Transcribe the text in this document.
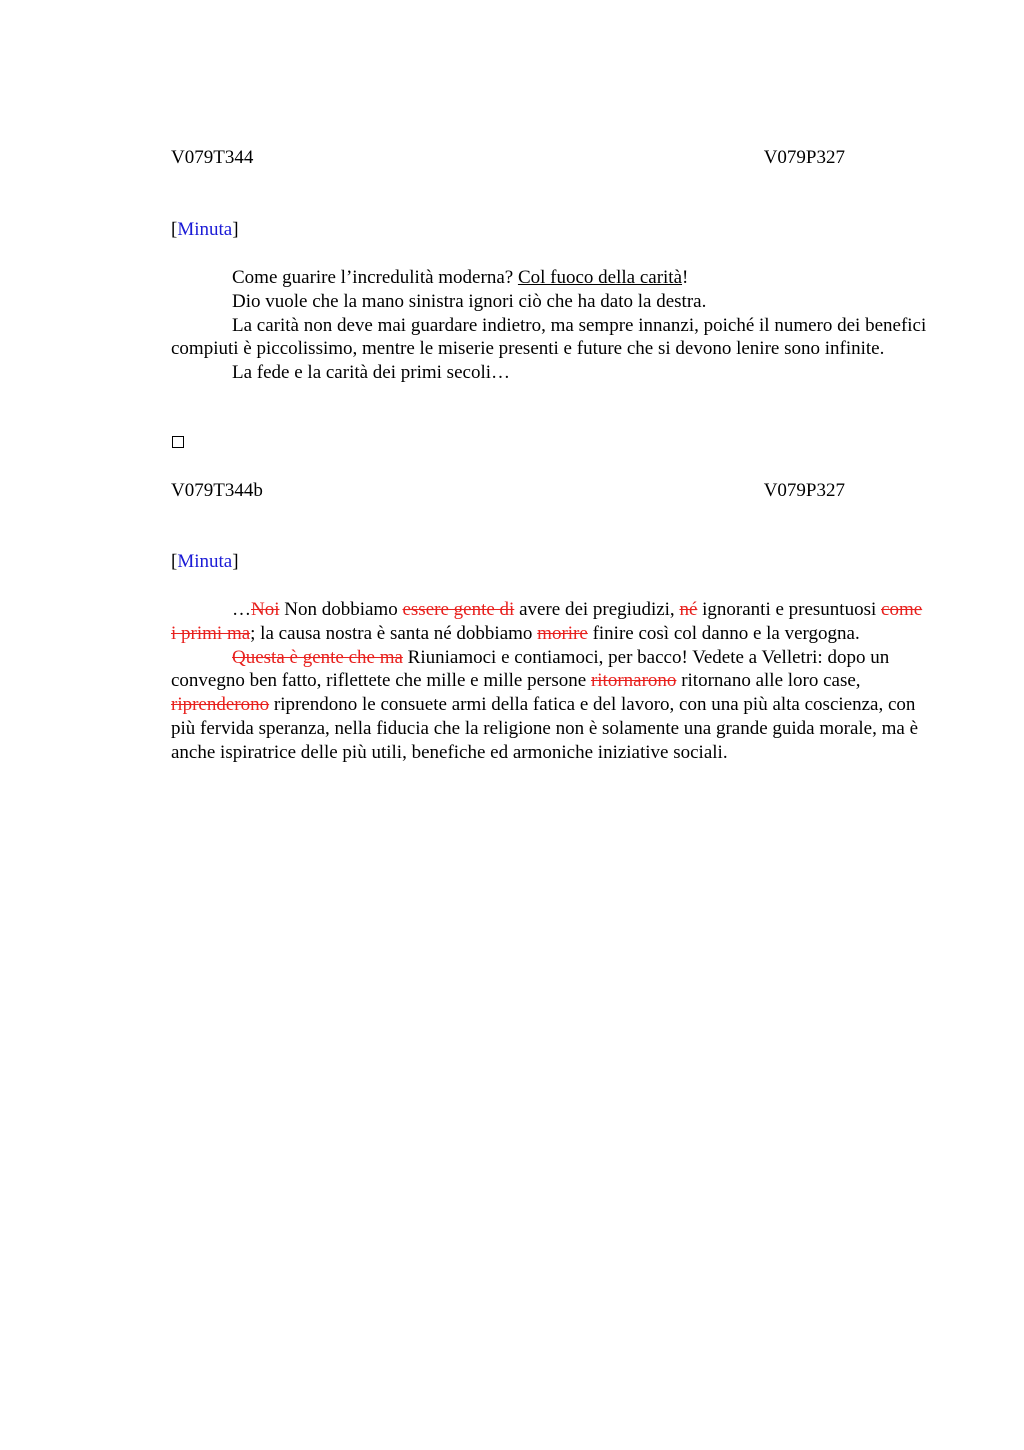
V079T344	V079P327
[Minuta]

Come guarire l’incredulità moderna? Col fuoco della carità!

Dio vuole che la mano sinistra ignori ciò che ha dato la destra.

La carità non deve mai guardare indietro, ma sempre innanzi, poiché il numero dei benefici compiuti è piccolissimo, mentre le miserie presenti e future che si devono lenire sono infinite.

La fede e la carità dei primi secoli…

V079T344b	V079P327
[Minuta]

…Noi Non dobbiamo essere gente di avere dei pregiudizi, né ignoranti e presuntuosi come i primi ma; la causa nostra è santa né dobbiamo morire finire così col danno e la vergogna.

Questa è gente che ma Riuniamoci e contiamoci, per bacco! Vedete a Velletri: dopo un convegno ben fatto, riflettete che mille e mille persone ritornarono ritornano alle loro case, riprenderono riprendono le consuete armi della fatica e del lavoro, con una più alta coscienza, con più fervida speranza, nella fiducia che la religione non è solamente una grande guida morale, ma è anche ispiratrice delle più utili, benefiche ed armoniche iniziative sociali.
